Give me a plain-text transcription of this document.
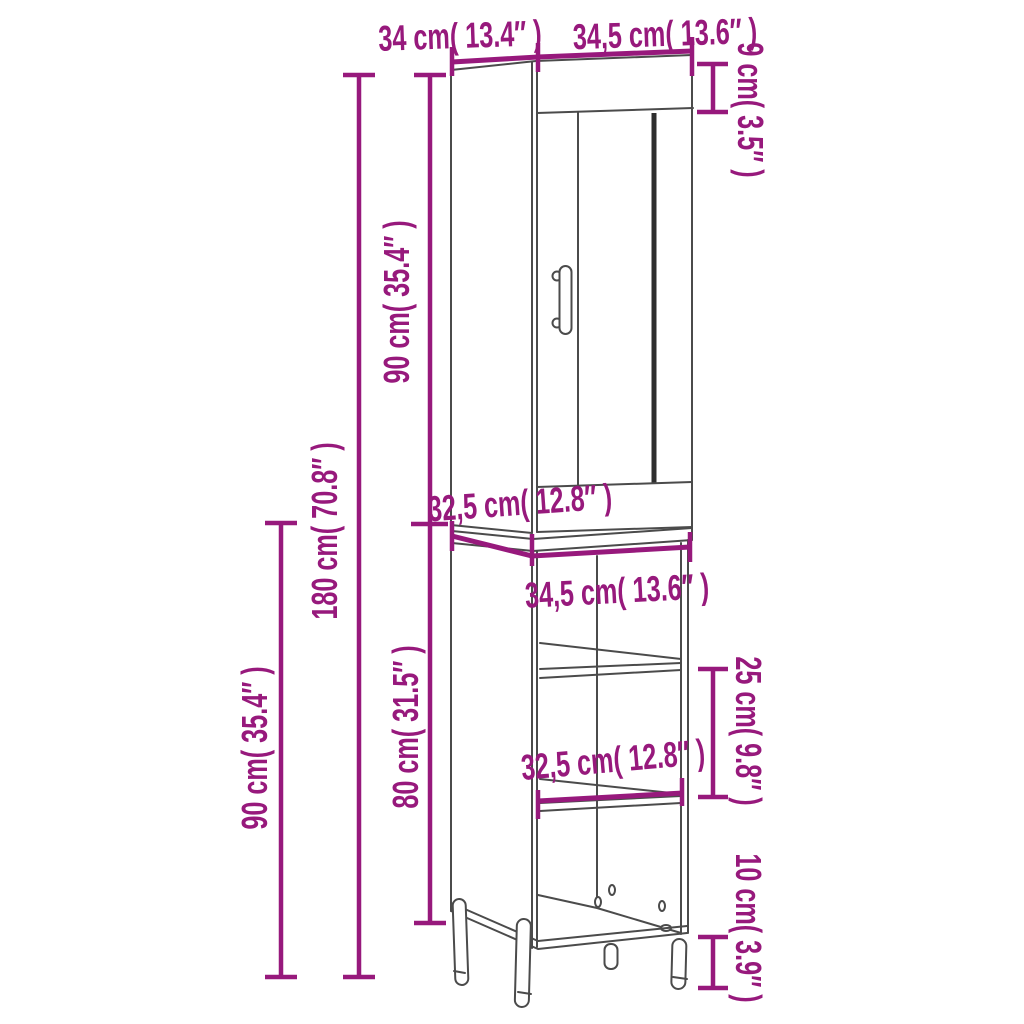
34 cm( 13.4″ ) 34,5 cm( 13.6″ )
9 cm( 3.5″ )
90 cm( 35.4″ )
180 cm( 70.8″ )
90 cm( 35.4″ )
32,5 cm( 12.8″ )
34,5 cm( 13.6″ )
80 cm( 31.5″ )	25 cm( 9.8″ )
32,5 cm( 12.8″ )
10 cm( 3.9″ )
